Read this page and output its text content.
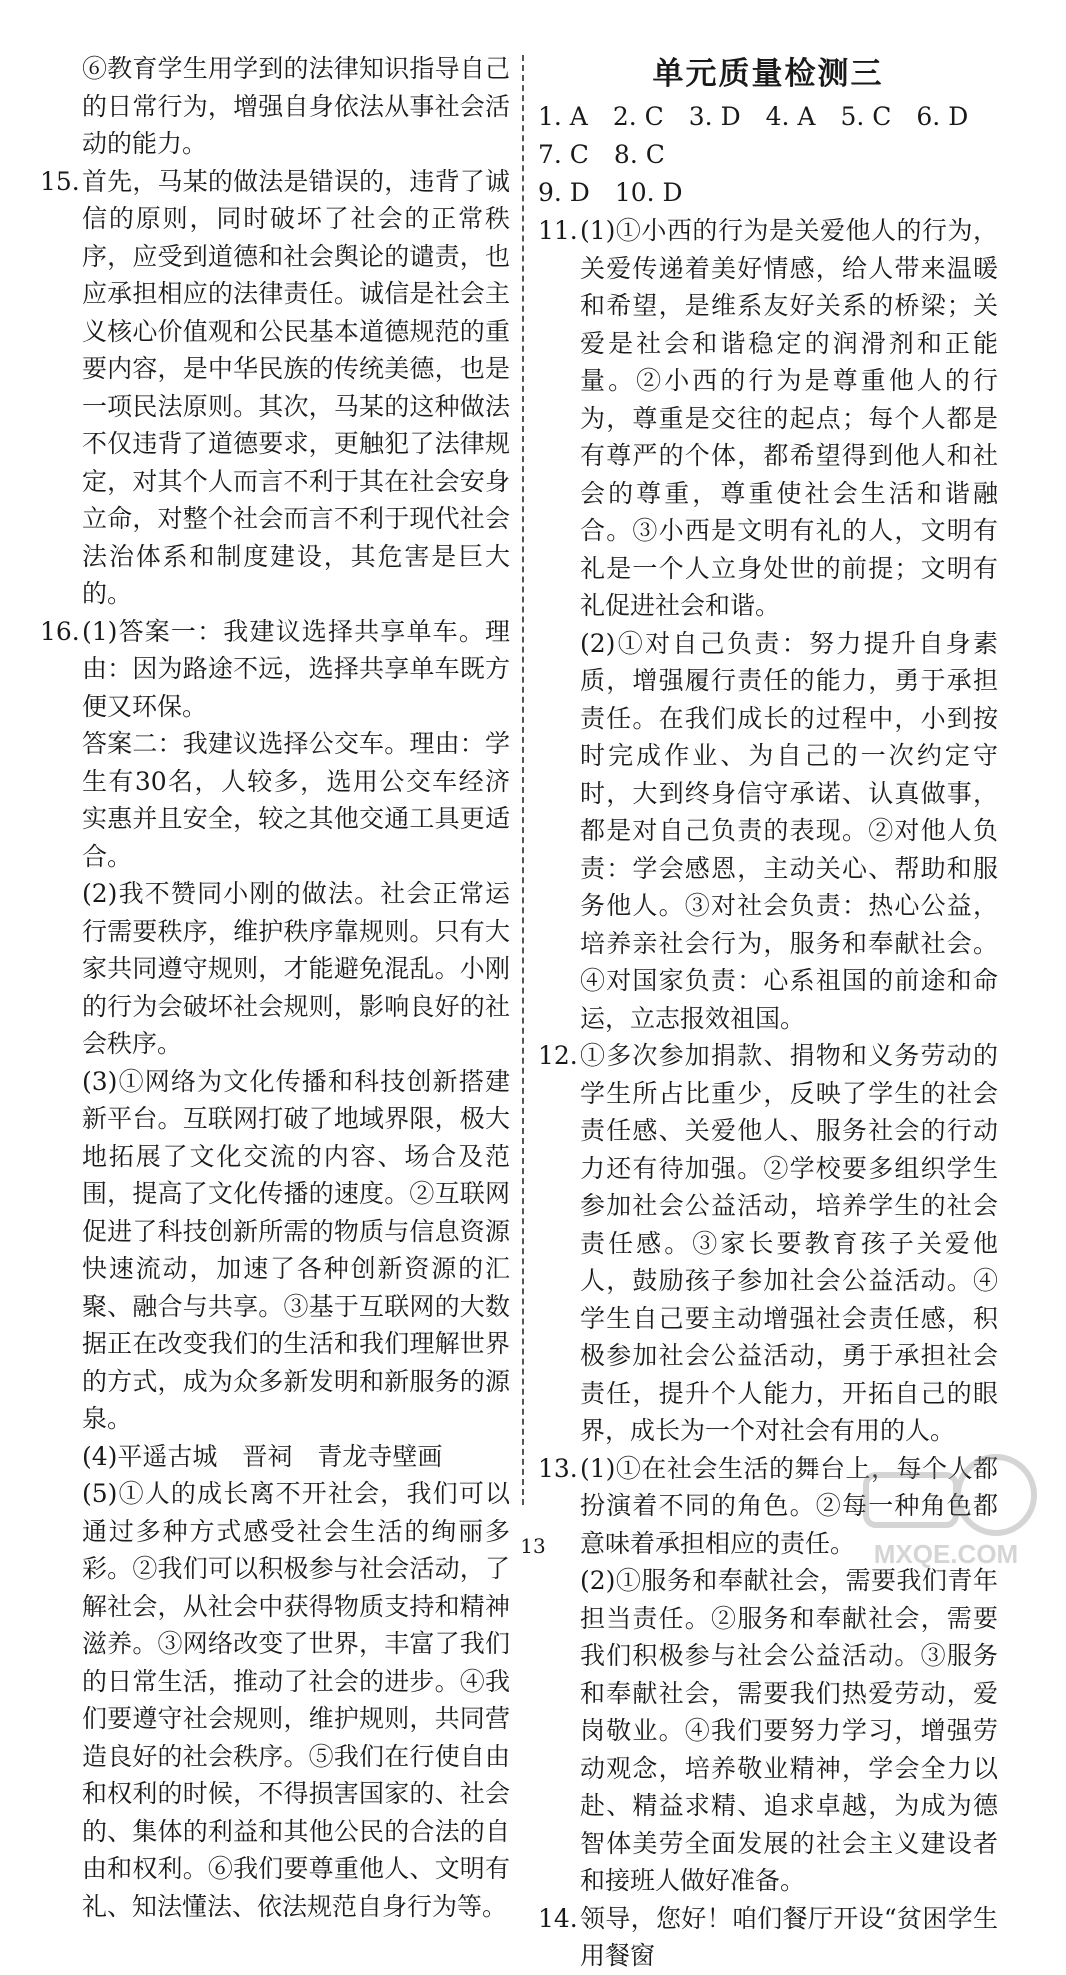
⑥教育学生用学到的法律知识指导自己的日常行为，增强自身依法从事社会活动的能力。
15. 首先，马某的做法是错误的，违背了诚信的原则，同时破坏了社会的正常秩序，应受到道德和社会舆论的谴责，也应承担相应的法律责任。诚信是社会主义核心价值观和公民基本道德规范的重要内容，是中华民族的传统美德，也是一项民法原则。其次，马某的这种做法不仅违背了道德要求，更触犯了法律规定，对其个人而言不利于其在社会安身立命，对整个社会而言不利于现代社会法治体系和制度建设，其危害是巨大的。
16. (1)答案一：我建议选择共享单车。理由：因为路途不远，选择共享单车既方便又环保。
答案二：我建议选择公交车。理由：学生有30名，人较多，选用公交车经济实惠并且安全，较之其他交通工具更适合。
(2)我不赞同小刚的做法。社会正常运行需要秩序，维护秩序靠规则。只有大家共同遵守规则，才能避免混乱。小刚的行为会破坏社会规则，影响良好的社会秩序。
(3)①网络为文化传播和科技创新搭建新平台。互联网打破了地域界限，极大地拓展了文化交流的内容、场合及范围，提高了文化传播的速度。②互联网促进了科技创新所需的物质与信息资源快速流动，加速了各种创新资源的汇聚、融合与共享。③基于互联网的大数据正在改变我们的生活和我们理解世界的方式，成为众多新发明和新服务的源泉。
(4)平遥古城　晋祠　青龙寺壁画
(5)①人的成长离不开社会，我们可以通过多种方式感受社会生活的绚丽多彩。②我们可以积极参与社会活动，了解社会，从社会中获得物质支持和精神滋养。③网络改变了世界，丰富了我们的日常生活，推动了社会的进步。④我们要遵守社会规则，维护规则，共同营造良好的社会秩序。⑤我们在行使自由和权利的时候，不得损害国家的、社会的、集体的利益和其他公民的合法的自由和权利。⑥我们要尊重他人、文明有礼、知法懂法、依法规范自身行为等。
单元质量检测三
1. A　2. C　3. D　4. A　5. C　6. D　7. C　8. C
9. D　10. D
11. (1)①小西的行为是关爱他人的行为，关爱传递着美好情感，给人带来温暖和希望，是维系友好关系的桥梁；关爱是社会和谐稳定的润滑剂和正能量。②小西的行为是尊重他人的行为，尊重是交往的起点；每个人都是有尊严的个体，都希望得到他人和社会的尊重，尊重使社会生活和谐融合。③小西是文明有礼的人，文明有礼是一个人立身处世的前提；文明有礼促进社会和谐。
(2)①对自己负责：努力提升自身素质，增强履行责任的能力，勇于承担责任。在我们成长的过程中，小到按时完成作业、为自己的一次约定守时，大到终身信守承诺、认真做事，都是对自己负责的表现。②对他人负责：学会感恩，主动关心、帮助和服务他人。③对社会负责：热心公益，培养亲社会行为，服务和奉献社会。④对国家负责：心系祖国的前途和命运，立志报效祖国。
12. ①多次参加捐款、捐物和义务劳动的学生所占比重少，反映了学生的社会责任感、关爱他人、服务社会的行动力还有待加强。②学校要多组织学生参加社会公益活动，培养学生的社会责任感。③家长要教育孩子关爱他人，鼓励孩子参加社会公益活动。④学生自己要主动增强社会责任感，积极参加社会公益活动，勇于承担社会责任，提升个人能力，开拓自己的眼界，成长为一个对社会有用的人。
13. (1)①在社会生活的舞台上，每个人都扮演着不同的角色。②每一种角色都意味着承担相应的责任。
(2)①服务和奉献社会，需要我们青年担当责任。②服务和奉献社会，需要我们积极参与社会公益活动。③服务和奉献社会，需要我们热爱劳动，爱岗敬业。④我们要努力学习，增强劳动观念，培养敬业精神，学会全力以赴、精益求精、追求卓越，为成为德智体美劳全面发展的社会主义建设者和接班人做好准备。
14. 领导，您好！咱们餐厅开设“贫困学生用餐窗
13	MXQE.COM
